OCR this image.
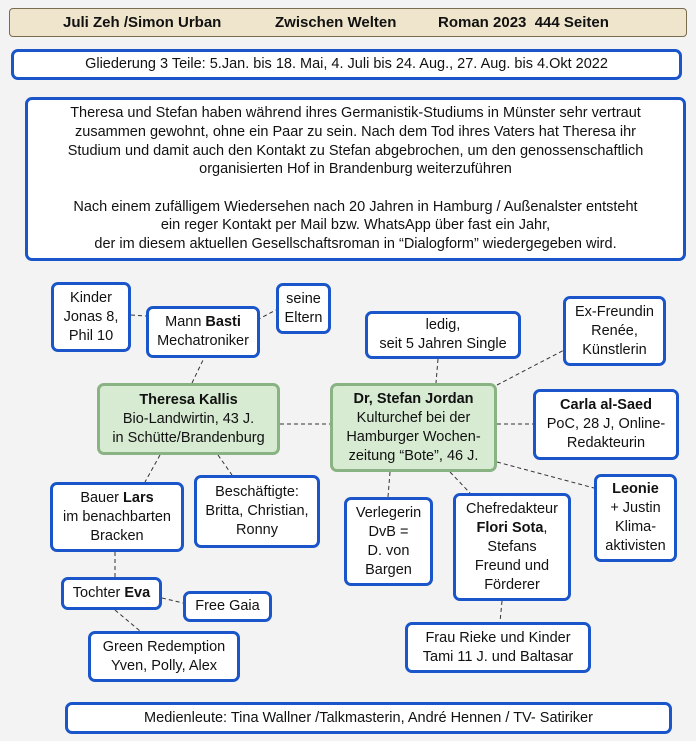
Juli Zeh /Simon Urban

	Zwischen Welten

	Roman 2023  444 Seiten

Gliederung 3 Teile: 5.Jan. bis 18. Mai, 4. Juli bis 24. Aug., 27. Aug. bis 4.Okt 2022
Theresa und Stefan haben während ihres Germanistik-Studiums in Münster sehr vertraut
zusammen gewohnt, ohne ein Paar zu sein. Nach dem Tod ihres Vaters hat Theresa ihr
Studium und damit auch den Kontakt zu Stefan abgebrochen, um den genossenschaftlich
organisierten Hof in Brandenburg weiterzuführen
Nach einem zufälligem Wiedersehen nach 20 Jahren in Hamburg / Außenalster entsteht
ein reger Kontakt per Mail bzw. WhatsApp über fast ein Jahr,
der im diesem aktuellen Gesellschaftsroman in “Dialogform” wiedergegeben wird.
Kinder
Jonas 8,
Phil 10
Mann Basti
Mechatroniker
seine
Eltern	ledig,
seit 5 Jahren Single
Ex-Freundin
Renée,
Künstlerin
Theresa Kallis
Bio-Landwirtin, 43 J.
in Schütte/Brandenburg
Dr, Stefan Jordan
Kulturchef bei der
Hamburger Wochen-
zeitung “Bote”, 46 J.
Carla al-Saed
PoC, 28 J, Online-
Redakteurin
Bauer Lars
im benachbarten
Bracken
Beschäftigte:
Britta, Christian,
Ronny
Verlegerin
DvB =
D. von
Bargen
Chefredakteur
Flori Sota,
Stefans
Freund und
Förderer
Leonie
+ Justin
Klima-
aktivisten
Tochter Eva
Free Gaia
Green Redemption
Yven, Polly, Alex
Frau Rieke und Kinder
Tami 11 J. und Baltasar
Medienleute: Tina Wallner /Talkmasterin, André Hennen / TV- Satiriker
